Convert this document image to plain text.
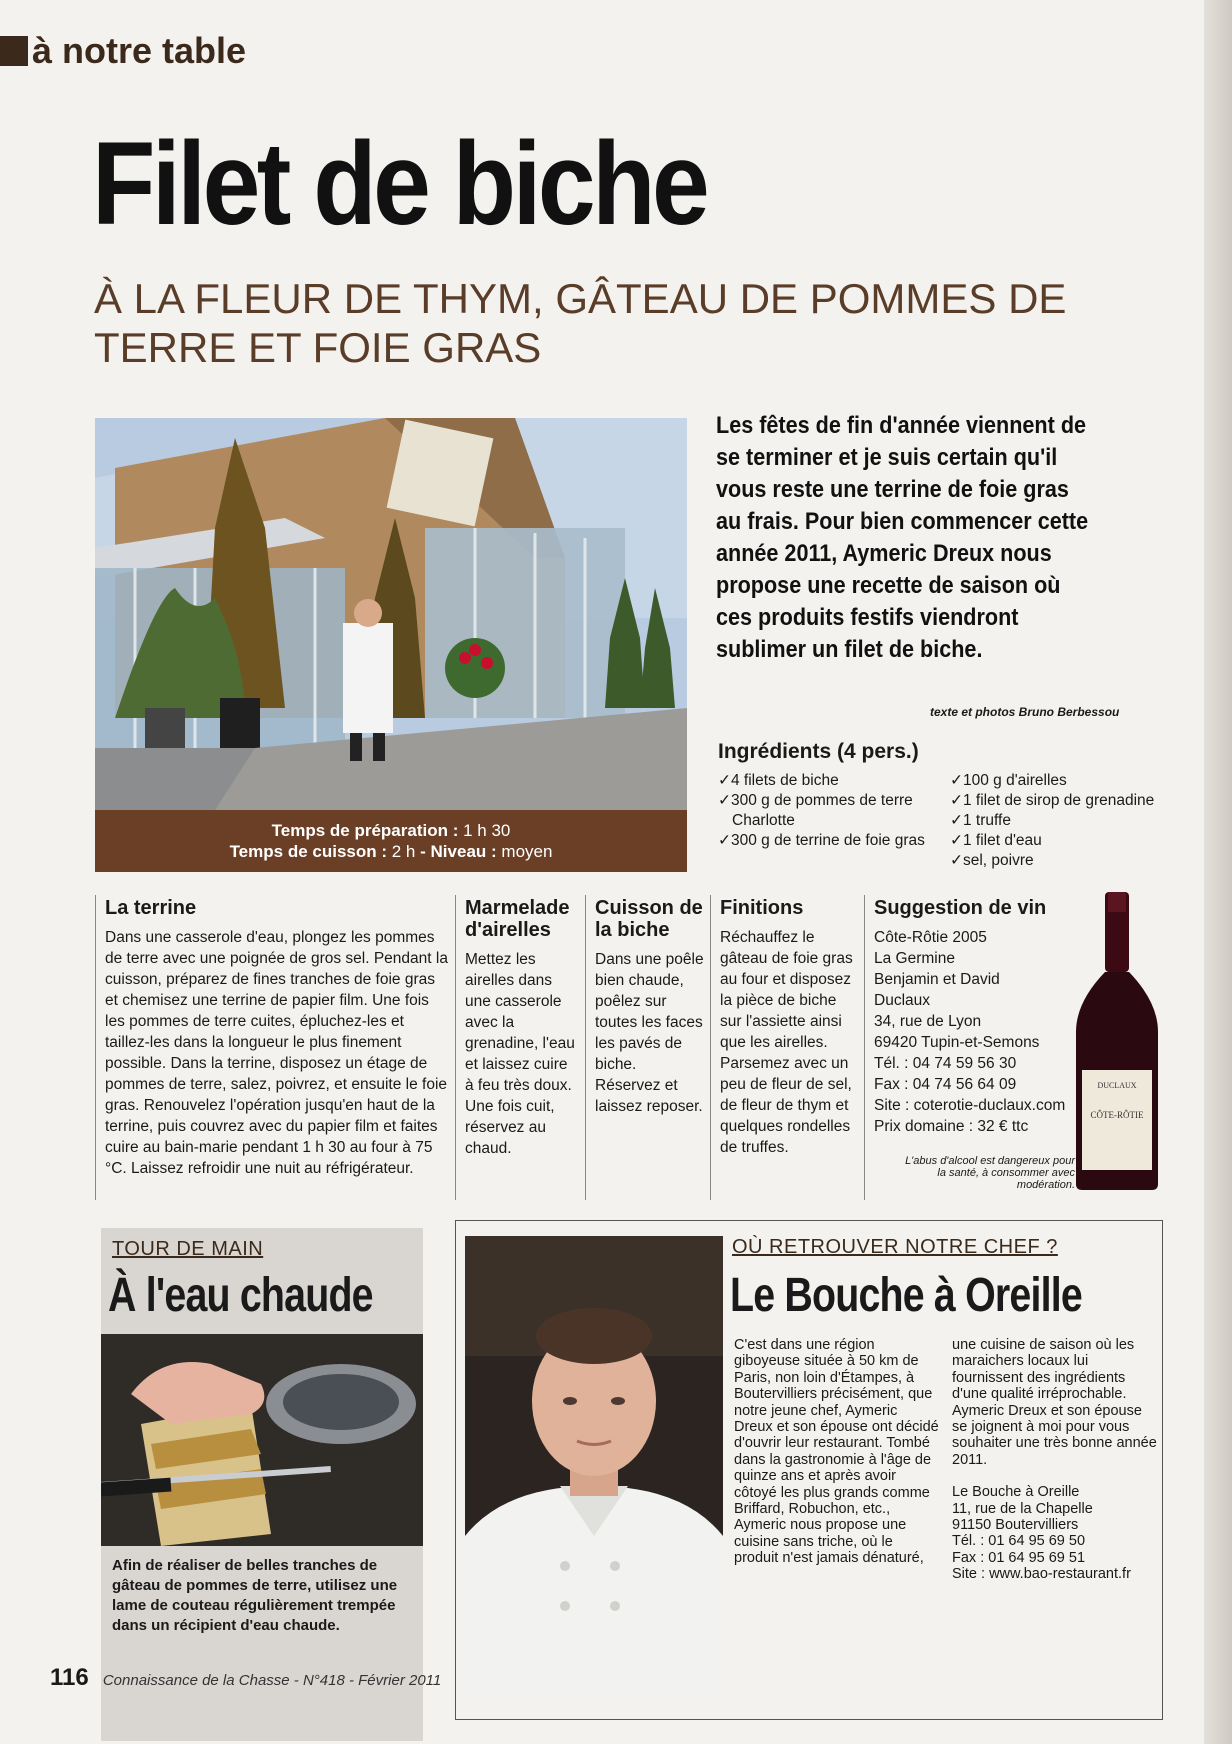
à notre table
Filet de biche
À LA FLEUR DE THYM, GÂTEAU DE POMMES DE TERRE ET FOIE GRAS
Temps de préparation : 1 h 30
Temps de cuisson : 2 h - Niveau : moyen
Les fêtes de fin d'année viennent de se terminer et je suis certain qu'il vous reste une terrine de foie gras au frais. Pour bien commencer cette année 2011, Aymeric Dreux nous propose une recette de saison où ces produits festifs viendront sublimer un filet de biche.
texte et photos Bruno Berbessou
Ingrédients (4 pers.)
✓4 filets de biche
✓300 g de pommes de terre Charlotte
✓300 g de terrine de foie gras
✓100 g d'airelles
✓1 filet de sirop de grenadine
✓1 truffe
✓1 filet d'eau
✓sel, poivre
La terrine
Dans une casserole d'eau, plongez les pommes de terre avec une poignée de gros sel. Pendant la cuisson, préparez de fines tranches de foie gras et chemisez une terrine de papier film. Une fois les pommes de terre cuites, épluchez-les et taillez-les dans la longueur le plus finement possible. Dans la terrine, disposez un étage de pommes de terre, salez, poivrez, et ensuite le foie gras. Renouvelez l'opération jusqu'en haut de la terrine, puis couvrez avec du papier film et faites cuire au bain-marie pendant 1 h 30 au four à 75 °C. Laissez refroidir une nuit au réfrigérateur.
Marmelade d'airelles
Mettez les airelles dans une casserole avec la grenadine, l'eau et laissez cuire à feu très doux. Une fois cuit, réservez au chaud.
Cuisson de la biche
Dans une poêle bien chaude, poêlez sur toutes les faces les pavés de biche. Réservez et laissez reposer.
Finitions
Réchauffez le gâteau de foie gras au four et disposez la pièce de biche sur l'assiette ainsi que les airelles. Parsemez avec un peu de fleur de sel, de fleur de thym et quelques rondelles de truffes.
Suggestion de vin
Côte-Rôtie 2005
La Germine
Benjamin et David
Duclaux
34, rue de Lyon
69420 Tupin-et-Semons
Tél. : 04 74 59 56 30
Fax : 04 74 56 64 09
Site : coterotie-duclaux.com
Prix domaine : 32 € ttc
DUCLAUX
CÔTE-RÔTIE
L'abus d'alcool est dangereux pour la santé, à consommer avec modération.
TOUR DE MAIN
À l'eau chaude
Afin de réaliser de belles tranches de gâteau de pommes de terre, utilisez une lame de couteau régulièrement trempée dans un récipient d'eau chaude.
OÙ RETROUVER NOTRE CHEF ?
Le Bouche à Oreille
C'est dans une région giboyeuse située à 50 km de Paris, non loin d'Étampes, à Boutervilliers précisément, que notre jeune chef, Aymeric Dreux et son épouse ont décidé d'ouvrir leur restaurant. Tombé dans la gastronomie à l'âge de quinze ans et après avoir côtoyé les plus grands comme Briffard, Robuchon, etc., Aymeric nous propose une cuisine sans triche, où le produit n'est jamais dénaturé,
une cuisine de saison où les maraichers locaux lui fournissent des ingrédients d'une qualité irréprochable. Aymeric Dreux et son épouse se joignent à moi pour vous souhaiter une très bonne année 2011.
Le Bouche à Oreille
11, rue de la Chapelle
91150 Boutervilliers
Tél. : 01 64 95 69 50
Fax : 01 64 95 69 51
Site : www.bao-restaurant.fr
116 Connaissance de la Chasse - N°418 - Février 2011
